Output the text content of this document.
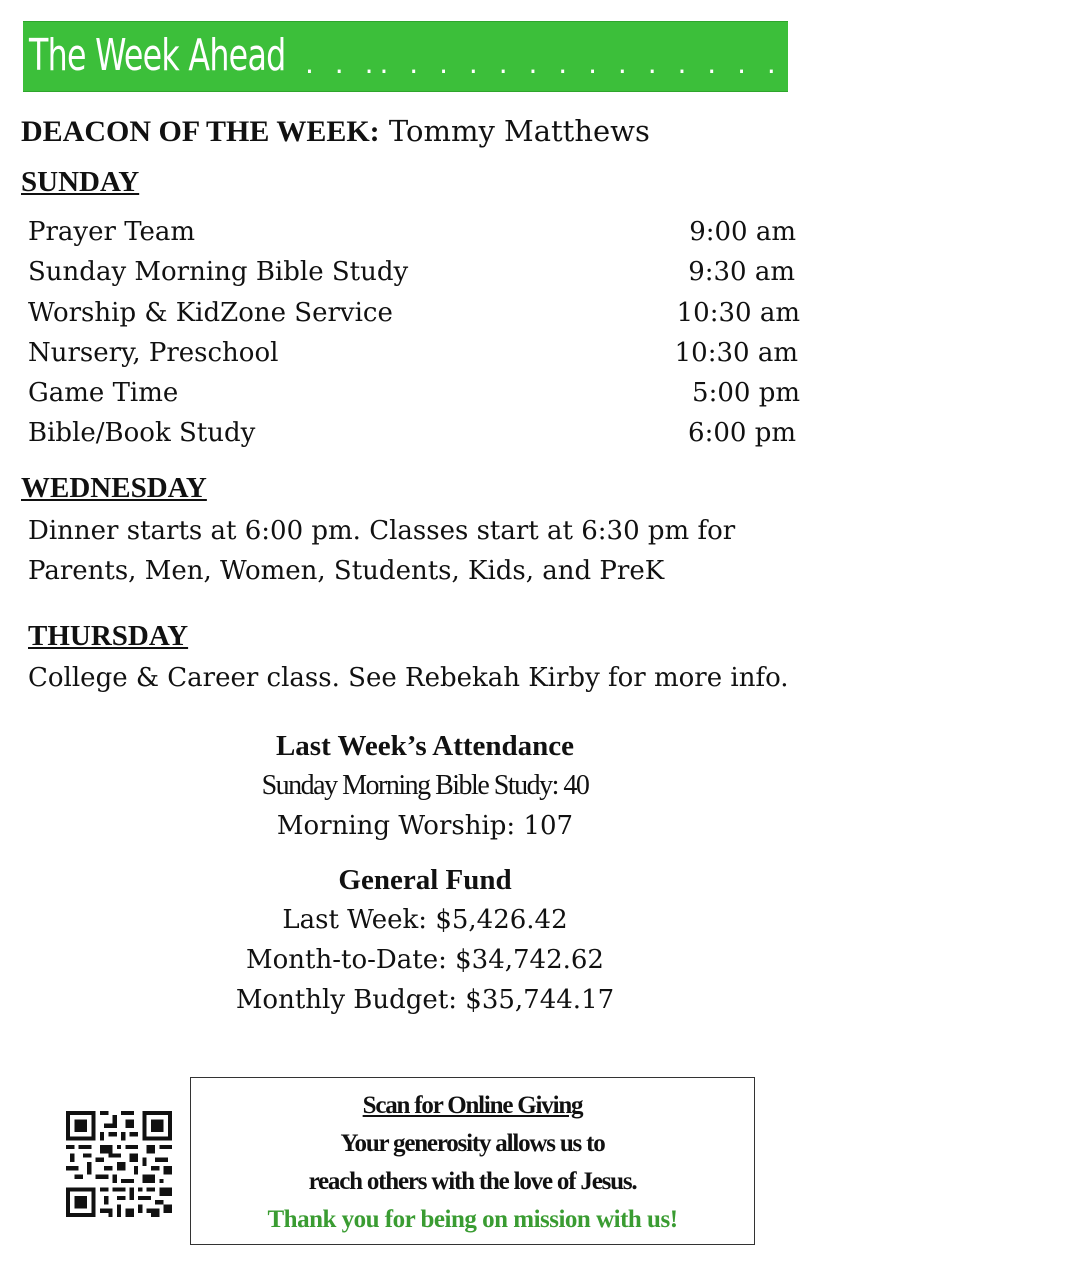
The Week Ahead . . .. . . . . . . . . . . . . . . . . . . . . . . .
DEACON OF THE WEEK: Tommy Matthews
SUNDAY
Prayer Team	9:00 am
Sunday Morning Bible Study	9:30 am
Worship & KidZone Service	10:30 am
Nursery, Preschool	10:30 am
Game Time	5:00 pm
Bible/Book Study	6:00 pm
WEDNESDAY
Dinner starts at 6:00 pm. Classes start at 6:30 pm for
Parents, Men, Women, Students, Kids, and PreK
THURSDAY
College & Career class. See Rebekah Kirby for more info.
Last Week’s Attendance
Sunday Morning Bible Study: 40
Morning Worship: 107
General Fund
Last Week: $5,426.42
Month-to-Date: $34,742.62
Monthly Budget: $35,744.17
Scan for Online Giving
Your generosity allows us to
reach others with the love of Jesus.
Thank you for being on mission with us!
